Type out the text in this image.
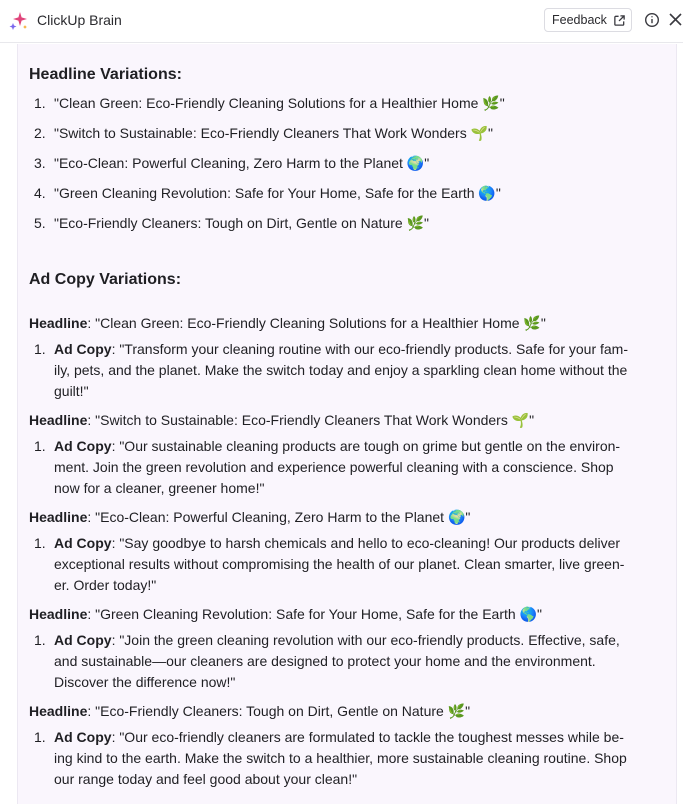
ClickUp Brain	Feedback
Headline Variations:
1. "Clean Green: Eco-Friendly Cleaning Solutions for a Healthier Home 🌿"
2. "Switch to Sustainable: Eco-Friendly Cleaners That Work Wonders 🌱"
3. "Eco-Clean: Powerful Cleaning, Zero Harm to the Planet 🌍"
4. "Green Cleaning Revolution: Safe for Your Home, Safe for the Earth 🌎"
5. "Eco-Friendly Cleaners: Tough on Dirt, Gentle on Nature 🌿"
Ad Copy Variations:
Headline: "Clean Green: Eco-Friendly Cleaning Solutions for a Healthier Home 🌿"
1. Ad Copy: "Transform your cleaning routine with our eco-friendly products. Safe for your fam-
ily, pets, and the planet. Make the switch today and enjoy a sparkling clean home without the
guilt!"
Headline: "Switch to Sustainable: Eco-Friendly Cleaners That Work Wonders 🌱"
1. Ad Copy: "Our sustainable cleaning products are tough on grime but gentle on the environ-
ment. Join the green revolution and experience powerful cleaning with a conscience. Shop
now for a cleaner, greener home!"
Headline: "Eco-Clean: Powerful Cleaning, Zero Harm to the Planet 🌍"
1. Ad Copy: "Say goodbye to harsh chemicals and hello to eco-cleaning! Our products deliver
exceptional results without compromising the health of our planet. Clean smarter, live green-
er. Order today!"
Headline: "Green Cleaning Revolution: Safe for Your Home, Safe for the Earth 🌎"
1. Ad Copy: "Join the green cleaning revolution with our eco-friendly products. Effective, safe,
and sustainable—our cleaners are designed to protect your home and the environment.
Discover the difference now!"
Headline: "Eco-Friendly Cleaners: Tough on Dirt, Gentle on Nature 🌿"
1. Ad Copy: "Our eco-friendly cleaners are formulated to tackle the toughest messes while be-
ing kind to the earth. Make the switch to a healthier, more sustainable cleaning routine. Shop
our range today and feel good about your clean!"
